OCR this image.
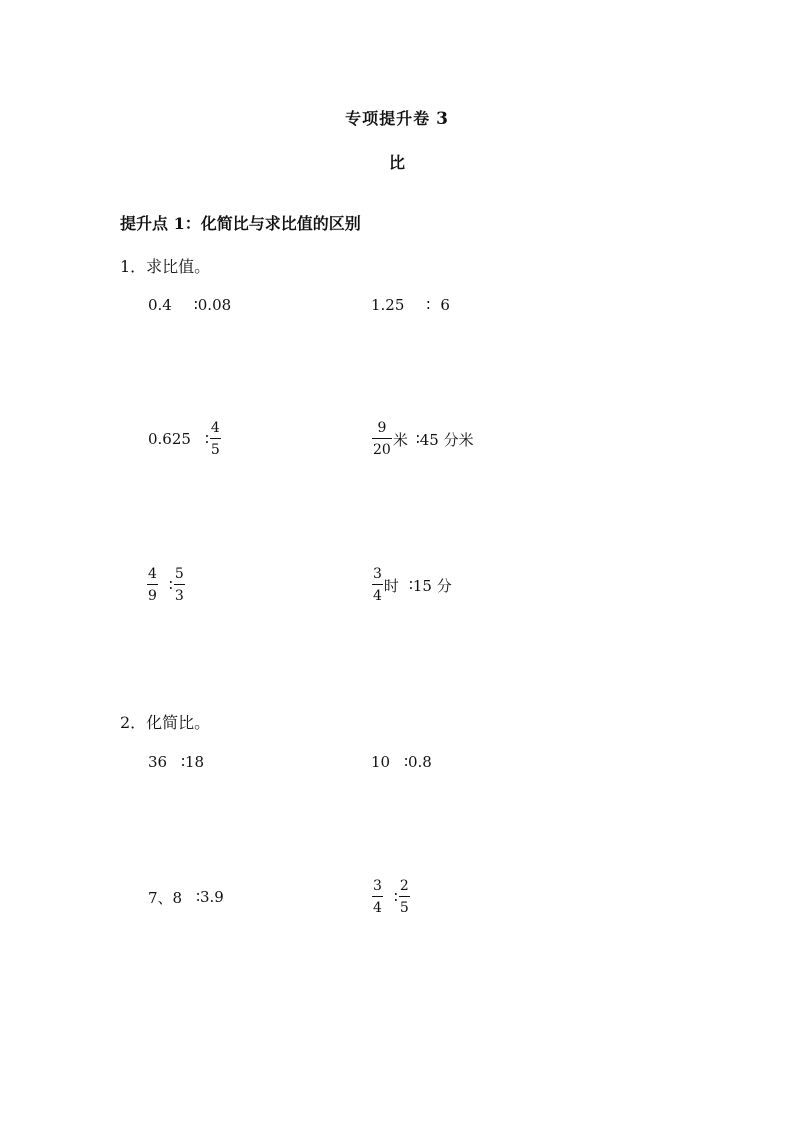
专项提升卷 3
比
提升点 1：化简比与求比值的区别
1．求比值。
0.4 ∶ 0.08	1.25 ∶ 6
0.625 ∶ $\frac{4}{5}$	$\frac{9}{20}$ 米 ∶ 45 分米
$\frac{4}{9}$ ∶ $\frac{5}{3}$	$\frac{3}{4}$ 时 ∶ 15 分
2．化简比。
36 ∶ 18	10 ∶ 0.8
7、8 ∶ 3.9	$\frac{3}{4}$ ∶ $\frac{2}{5}$
